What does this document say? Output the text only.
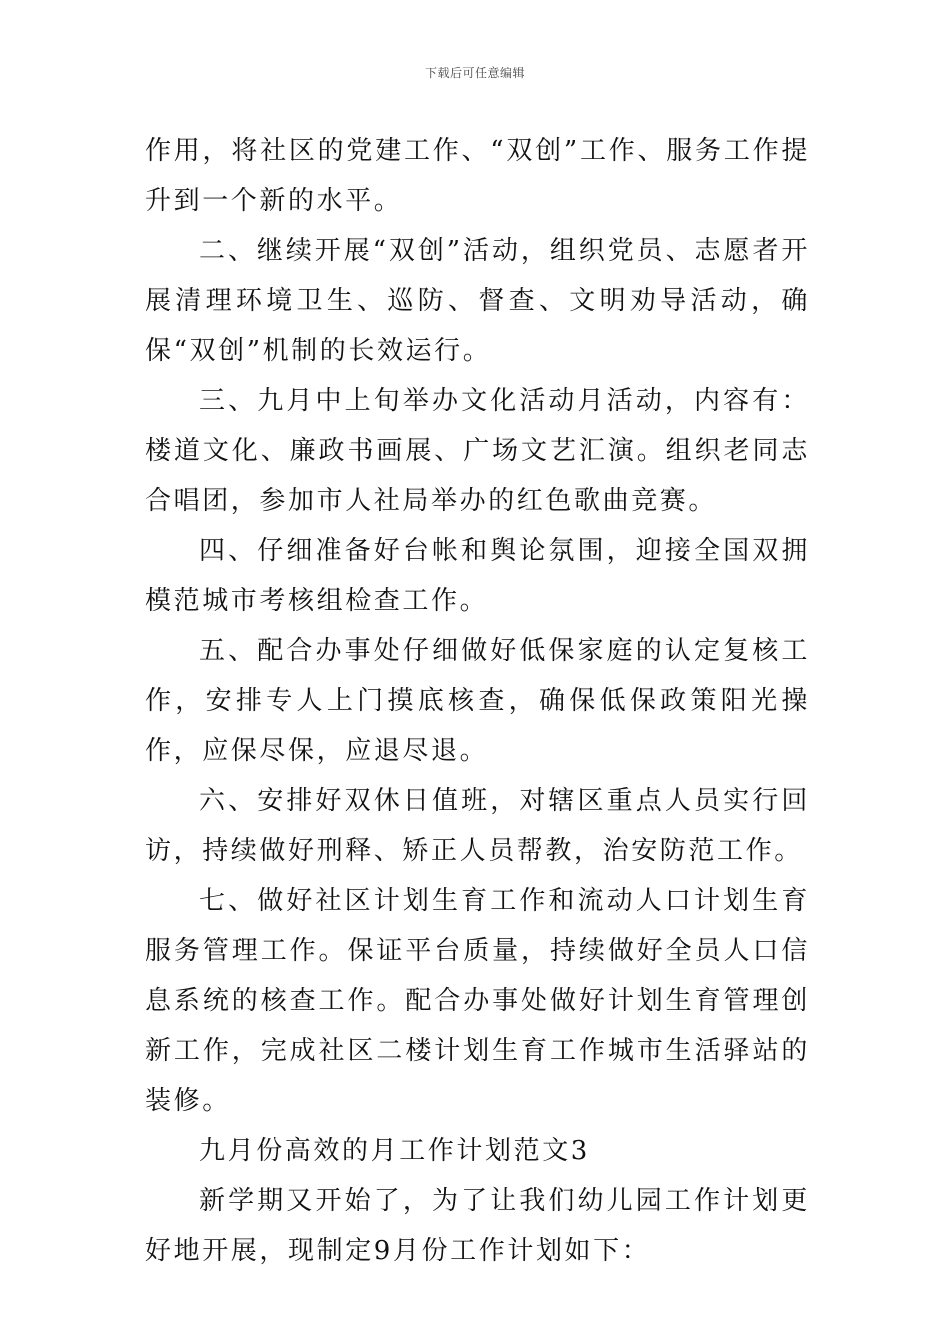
下载后可任意编辑

作用，将社区的党建工作、“双创”工作、服务工作提升到一个新的水平。

二、继续开展“双创”活动，组织党员、志愿者开展清理环境卫生、巡防、督查、文明劝导活动，确保“双创”机制的长效运行。

三、九月中上旬举办文化活动月活动，内容有：楼道文化、廉政书画展、广场文艺汇演。组织老同志合唱团，参加市人社局举办的红色歌曲竞赛。

四、仔细准备好台帐和舆论氛围，迎接全国双拥模范城市考核组检查工作。

五、配合办事处仔细做好低保家庭的认定复核工作，安排专人上门摸底核查，确保低保政策阳光操作，应保尽保，应退尽退。

六、安排好双休日值班，对辖区重点人员实行回访，持续做好刑释、矫正人员帮教，治安防范工作。

七、做好社区计划生育工作和流动人口计划生育服务管理工作。保证平台质量，持续做好全员人口信息系统的核查工作。配合办事处做好计划生育管理创新工作，完成社区二楼计划生育工作城市生活驿站的装修。

九月份高效的月工作计划范文3

新学期又开始了，为了让我们幼儿园工作计划更好地开展，现制定9月份工作计划如下：
